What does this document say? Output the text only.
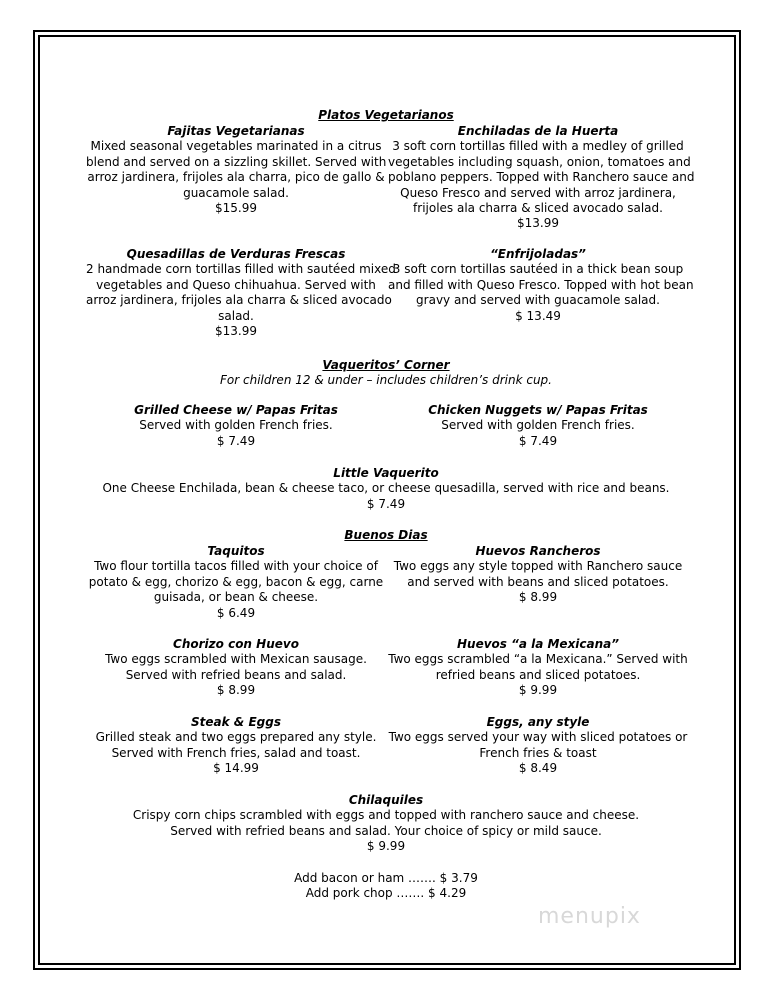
Platos Vegetarianos
Fajitas Vegetarianas
Mixed seasonal vegetables marinated in a citrus
blend and served on a sizzling skillet. Served with
arroz jardinera, frijoles ala charra, pico de gallo &
guacamole salad.
$15.99
Enchiladas de la Huerta
3 soft corn tortillas filled with a medley of grilled
vegetables including squash, onion, tomatoes and
poblano peppers. Topped with Ranchero sauce and
Queso Fresco and served with arroz jardinera,
frijoles ala charra & sliced avocado salad.
$13.99
Quesadillas de Verduras Frescas
2 handmade corn tortillas filled with sautéed mixed
vegetables and Queso chihuahua. Served with
arroz jardinera, frijoles ala charra & sliced avocado
salad.
$13.99
“Enfrijoladas”
3 soft corn tortillas sautéed in a thick bean soup
and filled with Queso Fresco. Topped with hot bean
gravy and served with guacamole salad.
$ 13.49
Vaqueritos’ Corner
For children 12 & under – includes children’s drink cup.
Grilled Cheese w/ Papas Fritas
Served with golden French fries.
$ 7.49
Chicken Nuggets w/ Papas Fritas
Served with golden French fries.
$ 7.49
Little Vaquerito
One Cheese Enchilada, bean & cheese taco, or cheese quesadilla, served with rice and beans.
$ 7.49
Buenos Dias
Taquitos
Two flour tortilla tacos filled with your choice of
potato & egg, chorizo & egg, bacon & egg, carne
guisada, or bean & cheese.
$ 6.49
Huevos Rancheros
Two eggs any style topped with Ranchero sauce
and served with beans and sliced potatoes.
$ 8.99
Chorizo con Huevo
Two eggs scrambled with Mexican sausage.
Served with refried beans and salad.
$ 8.99
Huevos “a la Mexicana”
Two eggs scrambled “a la Mexicana.” Served with
refried beans and sliced potatoes.
$ 9.99
Steak & Eggs
Grilled steak and two eggs prepared any style.
Served with French fries, salad and toast.
$ 14.99
Eggs, any style
Two eggs served your way with sliced potatoes or
French fries & toast
$ 8.49
Chilaquiles
Crispy corn chips scrambled with eggs and topped with ranchero sauce and cheese.
Served with refried beans and salad. Your choice of spicy or mild sauce.
$ 9.99
Add bacon or ham ……. $ 3.79
Add pork chop ……. $ 4.29
menupix
